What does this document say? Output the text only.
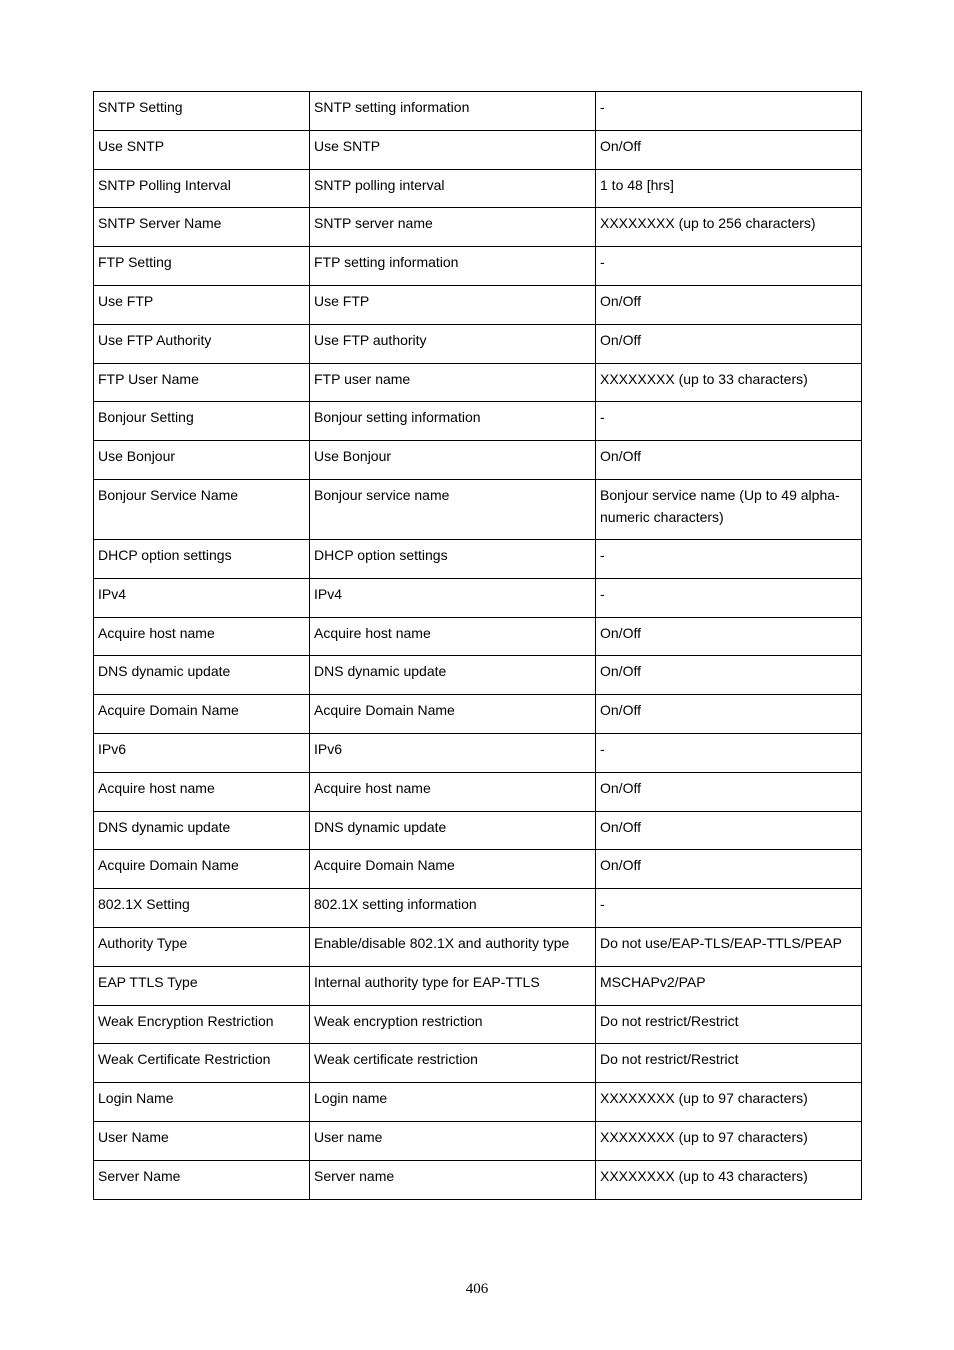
SNTP Setting	SNTP setting information	-
Use SNTP	Use SNTP	On/Off
SNTP Polling Interval	SNTP polling interval	1 to 48 [hrs]
SNTP Server Name	SNTP server name	XXXXXXXX (up to 256 characters)
FTP Setting	FTP setting information	-
Use FTP	Use FTP	On/Off
Use FTP Authority	Use FTP authority	On/Off
FTP User Name	FTP user name	XXXXXXXX (up to 33 characters)
Bonjour Setting	Bonjour setting information	-
Use Bonjour	Use Bonjour	On/Off
Bonjour Service Name	Bonjour service name	Bonjour service name (Up to 49 alpha-numeric characters)
DHCP option settings	DHCP option settings	-
IPv4	IPv4	-
Acquire host name	Acquire host name	On/Off
DNS dynamic update	DNS dynamic update	On/Off
Acquire Domain Name	Acquire Domain Name	On/Off
IPv6	IPv6	-
Acquire host name	Acquire host name	On/Off
DNS dynamic update	DNS dynamic update	On/Off
Acquire Domain Name	Acquire Domain Name	On/Off
802.1X Setting	802.1X setting information	-
Authority Type	Enable/disable 802.1X and authority type	Do not use/EAP-TLS/EAP-TTLS/PEAP
EAP TTLS Type	Internal authority type for EAP-TTLS	MSCHAPv2/PAP
Weak Encryption Restriction	Weak encryption restriction	Do not restrict/Restrict
Weak Certificate Restriction	Weak certificate restriction	Do not restrict/Restrict
Login Name	Login name	XXXXXXXX (up to 97 characters)
User Name	User name	XXXXXXXX (up to 97 characters)
Server Name	Server name	XXXXXXXX (up to 43 characters)
406
